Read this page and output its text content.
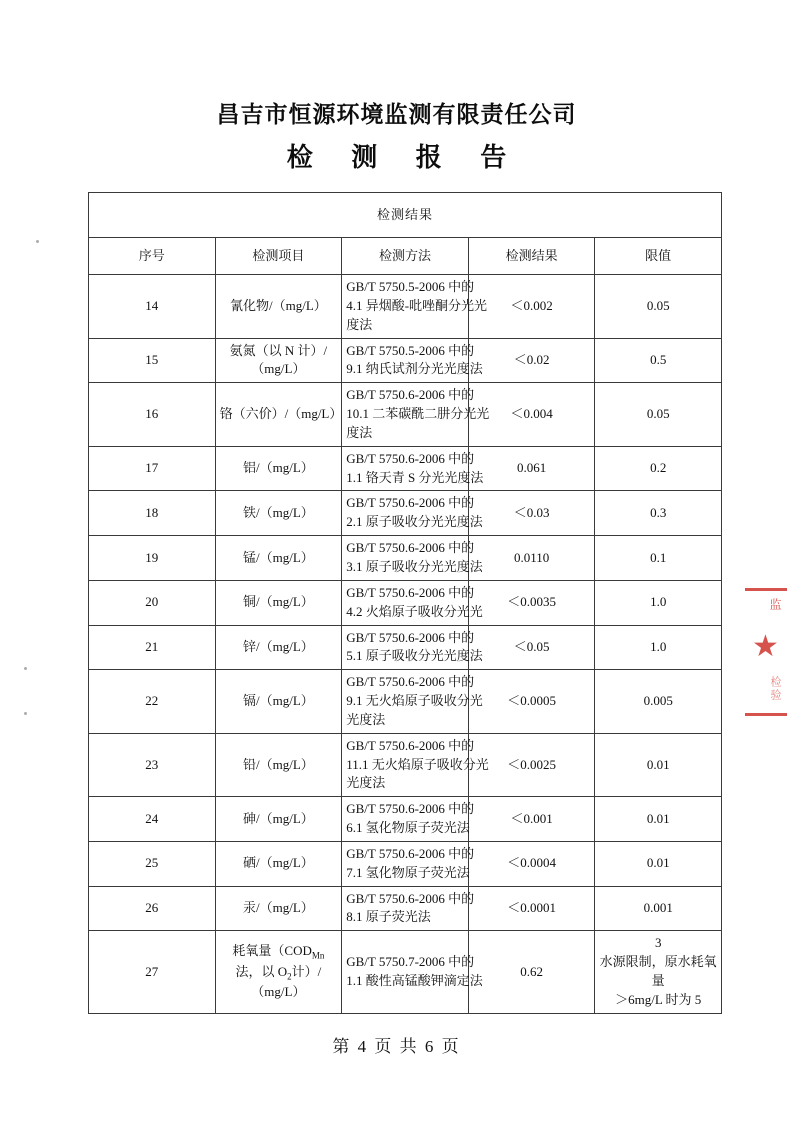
昌吉市恒源环境监测有限责任公司
检 测 报 告
检测结果				
序号	检测项目	检测方法	检测结果	限值
14	氰化物/（mg/L）	GB/T 5750.5-2006 中的
4.1 异烟酸-吡唑酮分光光
度法	＜0.002	0.05
15	氨氮（以 N 计）/（mg/L）	GB/T 5750.5-2006 中的
9.1 纳氏试剂分光光度法	＜0.02	0.5
16	铬（六价）/（mg/L）	GB/T 5750.6-2006 中的
10.1 二苯碳酰二肼分光光
度法	＜0.004	0.05
17	铝/（mg/L）	GB/T 5750.6-2006 中的
1.1 铬天青 S 分光光度法	0.061	0.2
18	铁/（mg/L）	GB/T 5750.6-2006 中的
2.1 原子吸收分光光度法	＜0.03	0.3
19	锰/（mg/L）	GB/T 5750.6-2006 中的
3.1 原子吸收分光光度法	0.0110	0.1
20	铜/（mg/L）	GB/T 5750.6-2006 中的
4.2 火焰原子吸收分光光	＜0.0035	1.0
21	锌/（mg/L）	GB/T 5750.6-2006 中的
5.1 原子吸收分光光度法	＜0.05	1.0
22	镉/（mg/L）	GB/T 5750.6-2006 中的
9.1 无火焰原子吸收分光
光度法	＜0.0005	0.005
23	铅/（mg/L）	GB/T 5750.6-2006 中的
11.1 无火焰原子吸收分光
光度法	＜0.0025	0.01
24	砷/（mg/L）	GB/T 5750.6-2006 中的
6.1 氢化物原子荧光法	＜0.001	0.01
25	硒/（mg/L）	GB/T 5750.6-2006 中的
7.1 氢化物原子荧光法	＜0.0004	0.01
26	汞/（mg/L）	GB/T 5750.6-2006 中的
8.1 原子荧光法	＜0.0001	0.001
27	耗氧量（$COD_{Mn}$法，以 $O_2$计）/（mg/L）	GB/T 5750.7-2006 中的
1.1 酸性高锰酸钾滴定法	0.62	3
水源限制，原水耗氧
量
＞6mg/L 时为 5
监
★
检验
第 4 页 共 6 页
